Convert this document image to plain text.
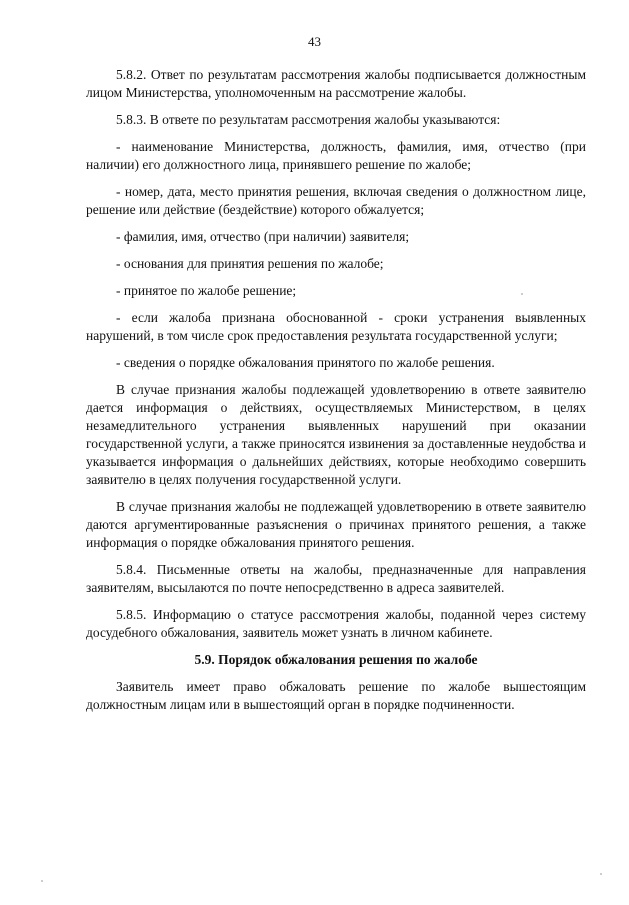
43

5.8.2. Ответ по результатам рассмотрения жалобы подписывается должностным лицом Министерства, уполномоченным на рассмотрение жалобы.

5.8.3. В ответе по результатам рассмотрения жалобы указываются:

- наименование Министерства, должность, фамилия, имя, отчество (при наличии) его должностного лица, принявшего решение по жалобе;

- номер, дата, место принятия решения, включая сведения о должностном лице, решение или действие (бездействие) которого обжалуется;

- фамилия, имя, отчество (при наличии) заявителя;

- основания для принятия решения по жалобе;

- принятое по жалобе решение;

- если жалоба признана обоснованной - сроки устранения выявленных нарушений, в том числе срок предоставления результата государственной услуги;

- сведения о порядке обжалования принятого по жалобе решения.

В случае признания жалобы подлежащей удовлетворению в ответе заявителю дается информация о действиях, осуществляемых Министерством, в целях незамедлительного устранения выявленных нарушений при оказании государственной услуги, а также приносятся извинения за доставленные неудобства и указывается информация о дальнейших действиях, которые необходимо совершить заявителю в целях получения государственной услуги.

В случае признания жалобы не подлежащей удовлетворению в ответе заявителю даются аргументированные разъяснения о причинах принятого решения, а также информация о порядке обжалования принятого решения.

5.8.4. Письменные ответы на жалобы, предназначенные для направления заявителям, высылаются по почте непосредственно в адреса заявителей.

5.8.5. Информацию о статусе рассмотрения жалобы, поданной через систему досудебного обжалования, заявитель может узнать в личном кабинете.

5.9. Порядок обжалования решения по жалобе

Заявитель имеет право обжаловать решение по жалобе вышестоящим должностным лицам или в вышестоящий орган в порядке подчиненности.
